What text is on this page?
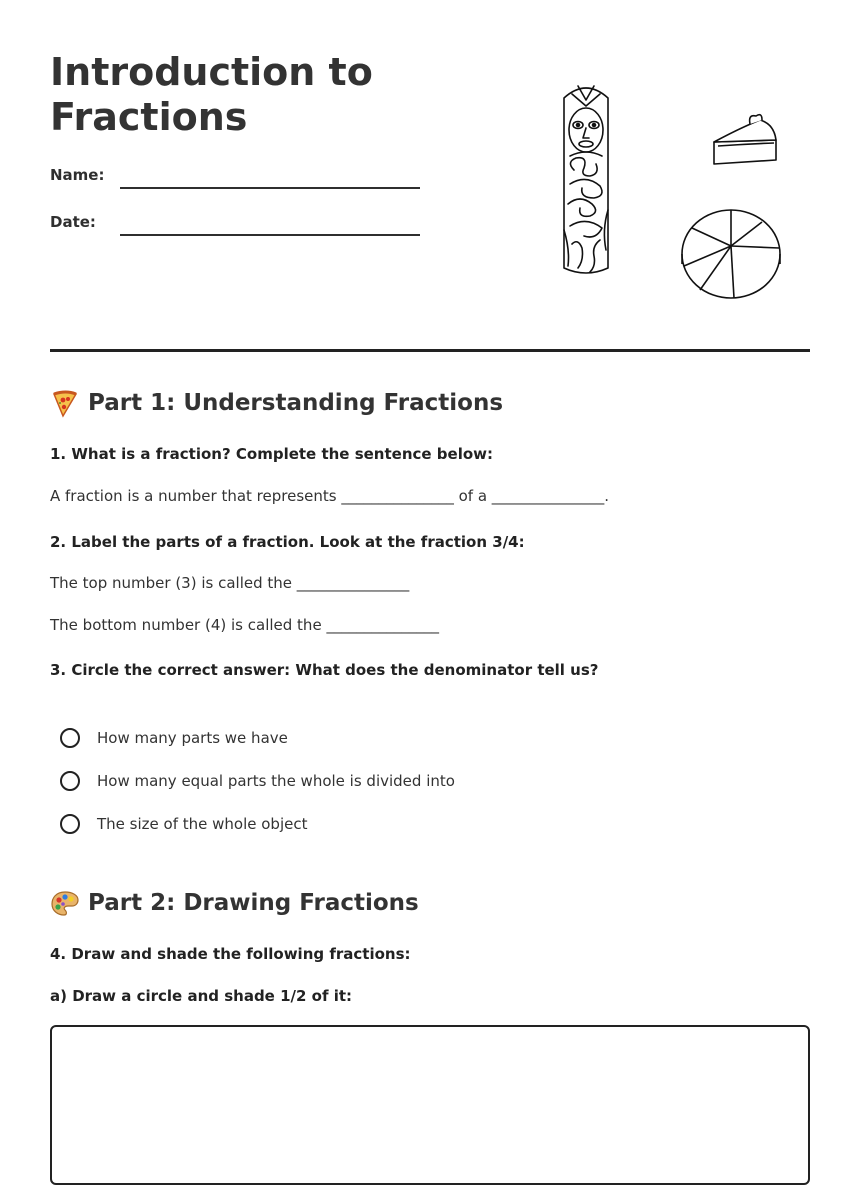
Introduction to Fractions
Name:
Date:
Part 1: Understanding Fractions
1. What is a fraction? Complete the sentence below:
A fraction is a number that represents _______________ of a _______________.
2. Label the parts of a fraction. Look at the fraction 3/4:
The top number (3) is called the _______________
The bottom number (4) is called the _______________
3. Circle the correct answer: What does the denominator tell us?
How many parts we have
How many equal parts the whole is divided into
The size of the whole object
Part 2: Drawing Fractions
4. Draw and shade the following fractions:
a) Draw a circle and shade 1/2 of it:
